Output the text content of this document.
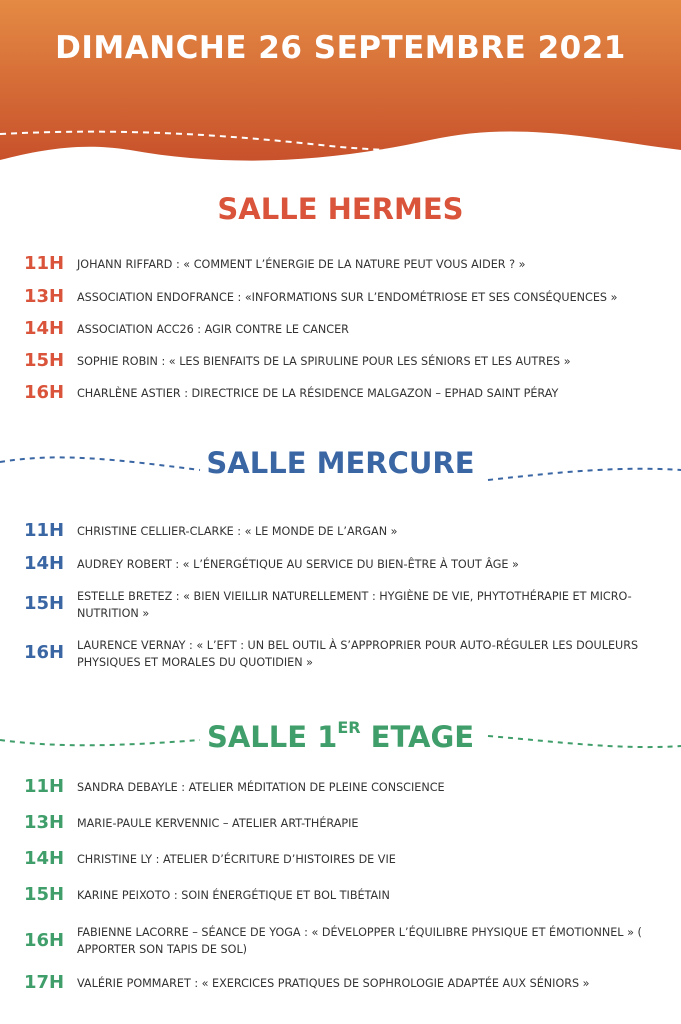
DIMANCHE 26 SEPTEMBRE 2021
SALLE HERMES
11H JOHANN RIFFARD : « COMMENT L’ÉNERGIE DE LA NATURE PEUT VOUS AIDER ? »
13H ASSOCIATION ENDOFRANCE : «INFORMATIONS SUR L’ENDOMÉTRIOSE ET SES CONSÉQUENCES »
14H ASSOCIATION ACC26 : AGIR CONTRE LE CANCER
15H SOPHIE ROBIN : « LES BIENFAITS DE LA SPIRULINE POUR LES SÉNIORS ET LES AUTRES »
16H CHARLÈNE ASTIER : DIRECTRICE DE LA RÉSIDENCE MALGAZON – EPHAD SAINT PÉRAY
SALLE MERCURE
11H CHRISTINE CELLIER-CLARKE : « LE MONDE DE L’ARGAN »
14H AUDREY ROBERT : « L’ÉNERGÉTIQUE AU SERVICE DU BIEN-ÊTRE À TOUT ÂGE »
15H ESTELLE BRETEZ : « BIEN VIEILLIR NATURELLEMENT : HYGIÈNE DE VIE, PHYTOTHÉRAPIE ET MICRO-NUTRITION »
16H LAURENCE VERNAY : « L’EFT : UN BEL OUTIL À S’APPROPRIER POUR AUTO-RÉGULER LES DOULEURS PHYSIQUES ET MORALES DU QUOTIDIEN »
SALLE 1ER ETAGE
11H SANDRA DEBAYLE : ATELIER MÉDITATION DE PLEINE CONSCIENCE
13H MARIE-PAULE KERVENNIC – ATELIER ART-THÉRAPIE
14H CHRISTINE LY : ATELIER D’ÉCRITURE D’HISTOIRES DE VIE
15H KARINE PEIXOTO : SOIN ÉNERGÉTIQUE ET BOL TIBÉTAIN
16H FABIENNE LACORRE – SÉANCE DE YOGA : « DÉVELOPPER L’ÉQUILIBRE PHYSIQUE ET ÉMOTIONNEL » ( APPORTER SON TAPIS DE SOL)
17H VALÉRIE POMMARET : « EXERCICES PRATIQUES DE SOPHROLOGIE ADAPTÉE AUX SÉNIORS »
